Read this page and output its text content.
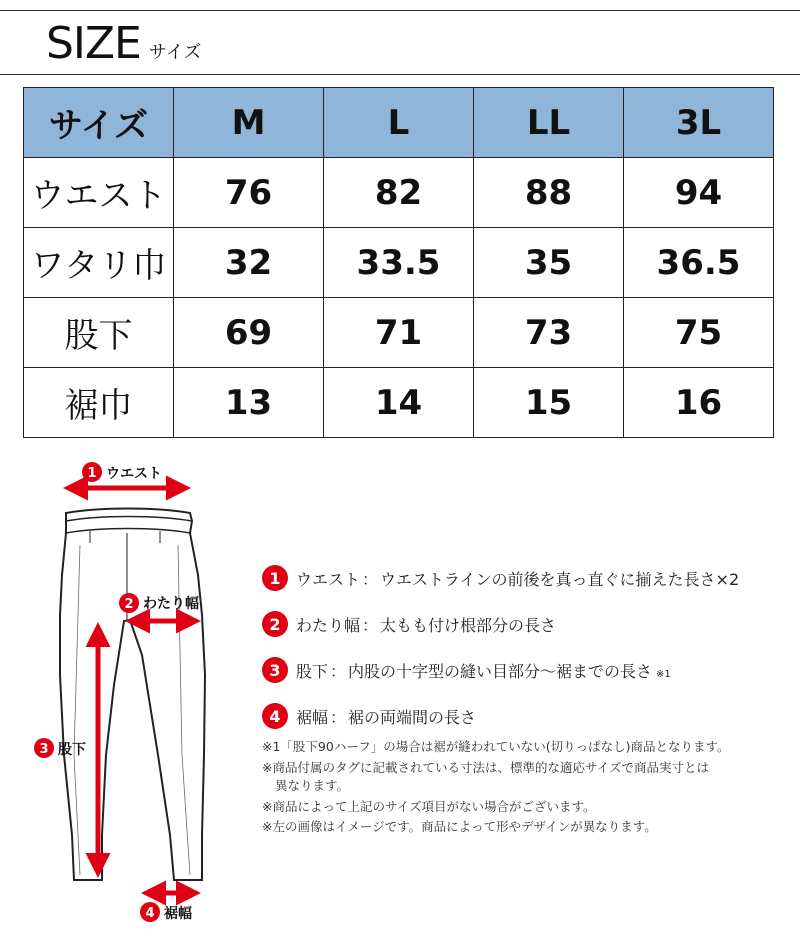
SIZE サイズ
サイズ	M	L	LL	3L
ウエスト	76	82	88	94
ワタリ巾	32	33.5	35	36.5
股下	69	71	73	75
裾巾	13	14	15	16
1 ウエスト
2 わたり幅
3 股下
4 裾幅
1 ウエスト ： ウエストラインの前後を真っ直ぐに揃えた長さ×2
2 わたり幅 ： 太もも付け根部分の長さ
3 股下 ： 内股の十字型の縫い目部分〜裾までの長さ ※1
4 裾幅 ： 裾の両端間の長さ

※1「股下90ハーフ」の場合は裾が縫われていない(切りっぱなし)商品となります。

※商品付属のタグに記載されている寸法は、標準的な適応サイズで商品実寸とは

異なります。

※商品によって上記のサイズ項目がない場合がございます。

※左の画像はイメージです。商品によって形やデザインが異なります。
